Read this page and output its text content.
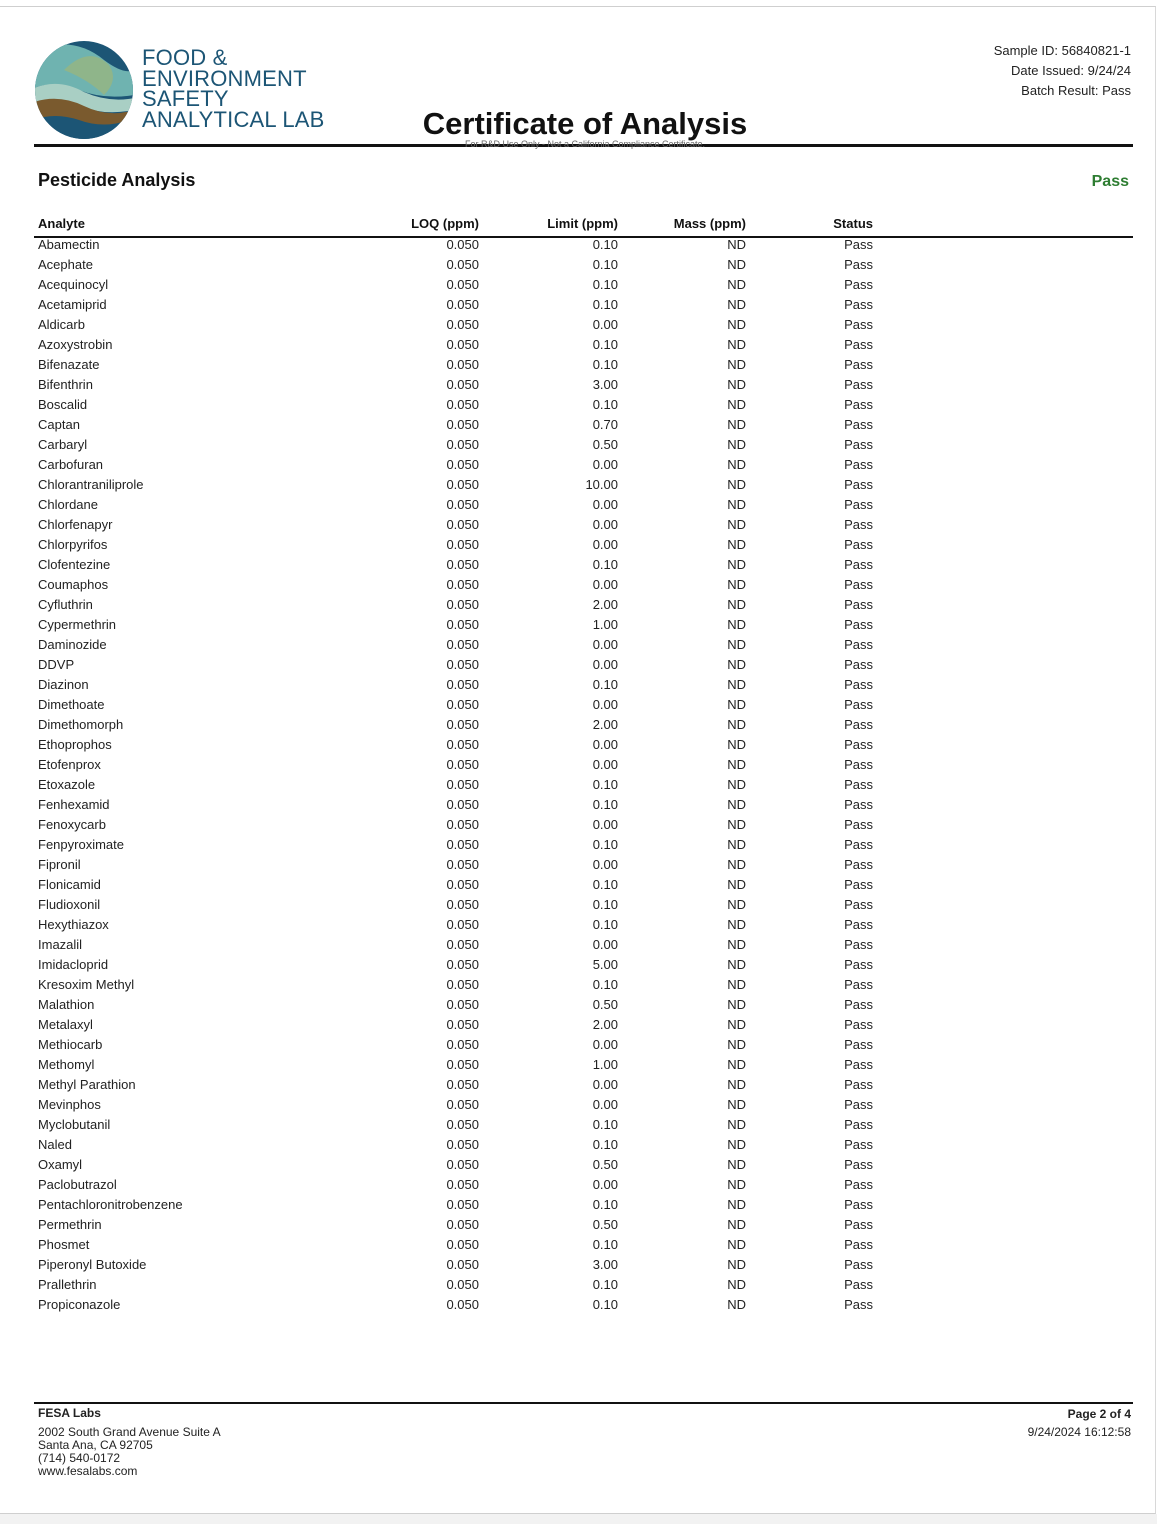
FOOD &
ENVIRONMENT
SAFETY
ANALYTICAL LAB
Sample ID: 56840821-1
Date Issued: 9/24/24
Batch Result: Pass
Certificate of Analysis
For R&D Use Only - Not a California Compliance Certificate.
Pesticide Analysis	Pass
Analyte	LOQ (ppm)	Limit (ppm)	Mass (ppm)	Status
Abamectin	0.050	0.10	ND	Pass
Acephate	0.050	0.10	ND	Pass
Acequinocyl	0.050	0.10	ND	Pass
Acetamiprid	0.050	0.10	ND	Pass
Aldicarb	0.050	0.00	ND	Pass
Azoxystrobin	0.050	0.10	ND	Pass
Bifenazate	0.050	0.10	ND	Pass
Bifenthrin	0.050	3.00	ND	Pass
Boscalid	0.050	0.10	ND	Pass
Captan	0.050	0.70	ND	Pass
Carbaryl	0.050	0.50	ND	Pass
Carbofuran	0.050	0.00	ND	Pass
Chlorantraniliprole	0.050	10.00	ND	Pass
Chlordane	0.050	0.00	ND	Pass
Chlorfenapyr	0.050	0.00	ND	Pass
Chlorpyrifos	0.050	0.00	ND	Pass
Clofentezine	0.050	0.10	ND	Pass
Coumaphos	0.050	0.00	ND	Pass
Cyfluthrin	0.050	2.00	ND	Pass
Cypermethrin	0.050	1.00	ND	Pass
Daminozide	0.050	0.00	ND	Pass
DDVP	0.050	0.00	ND	Pass
Diazinon	0.050	0.10	ND	Pass
Dimethoate	0.050	0.00	ND	Pass
Dimethomorph	0.050	2.00	ND	Pass
Ethoprophos	0.050	0.00	ND	Pass
Etofenprox	0.050	0.00	ND	Pass
Etoxazole	0.050	0.10	ND	Pass
Fenhexamid	0.050	0.10	ND	Pass
Fenoxycarb	0.050	0.00	ND	Pass
Fenpyroximate	0.050	0.10	ND	Pass
Fipronil	0.050	0.00	ND	Pass
Flonicamid	0.050	0.10	ND	Pass
Fludioxonil	0.050	0.10	ND	Pass
Hexythiazox	0.050	0.10	ND	Pass
Imazalil	0.050	0.00	ND	Pass
Imidacloprid	0.050	5.00	ND	Pass
Kresoxim Methyl	0.050	0.10	ND	Pass
Malathion	0.050	0.50	ND	Pass
Metalaxyl	0.050	2.00	ND	Pass
Methiocarb	0.050	0.00	ND	Pass
Methomyl	0.050	1.00	ND	Pass
Methyl Parathion	0.050	0.00	ND	Pass
Mevinphos	0.050	0.00	ND	Pass
Myclobutanil	0.050	0.10	ND	Pass
Naled	0.050	0.10	ND	Pass
Oxamyl	0.050	0.50	ND	Pass
Paclobutrazol	0.050	0.00	ND	Pass
Pentachloronitrobenzene	0.050	0.10	ND	Pass
Permethrin	0.050	0.50	ND	Pass
Phosmet	0.050	0.10	ND	Pass
Piperonyl Butoxide	0.050	3.00	ND	Pass
Prallethrin	0.050	0.10	ND	Pass
Propiconazole	0.050	0.10	ND	Pass
FESA Labs
2002 South Grand Avenue Suite A
Santa Ana, CA 92705
(714) 540-0172
www.fesalabs.com
Page 2 of 4
9/24/2024 16:12:58
